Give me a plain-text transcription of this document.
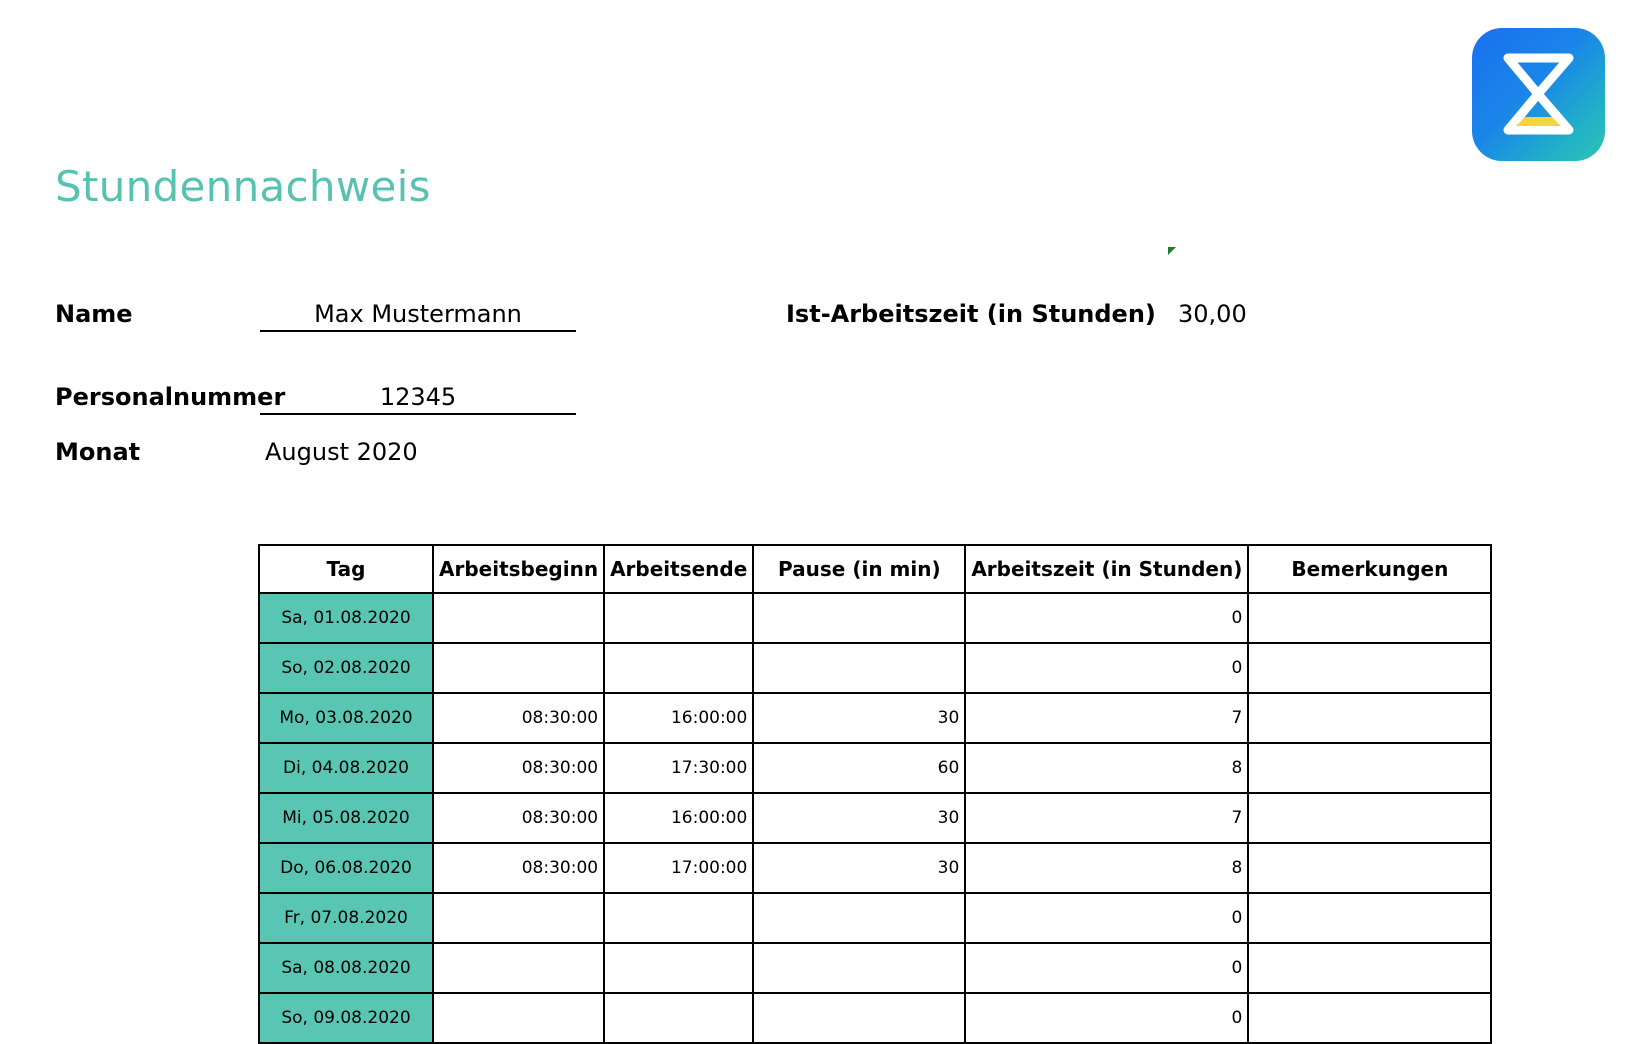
Stundennachweis
Name	Max Mustermann	Ist-Arbeitszeit (in Stunden) 30,00
Personalnummer	12345
Monat	August 2020
Tag	Arbeitsbeginn	Arbeitsende	Pause (in min)	Arbeitszeit (in Stunden)	Bemerkungen
Sa, 01.08.2020				0	
So, 02.08.2020				0	
Mo, 03.08.2020	08:30:00	16:00:00	30	7	
Di, 04.08.2020	08:30:00	17:30:00	60	8	
Mi, 05.08.2020	08:30:00	16:00:00	30	7	
Do, 06.08.2020	08:30:00	17:00:00	30	8	
Fr, 07.08.2020				0	
Sa, 08.08.2020				0	
So, 09.08.2020				0	
